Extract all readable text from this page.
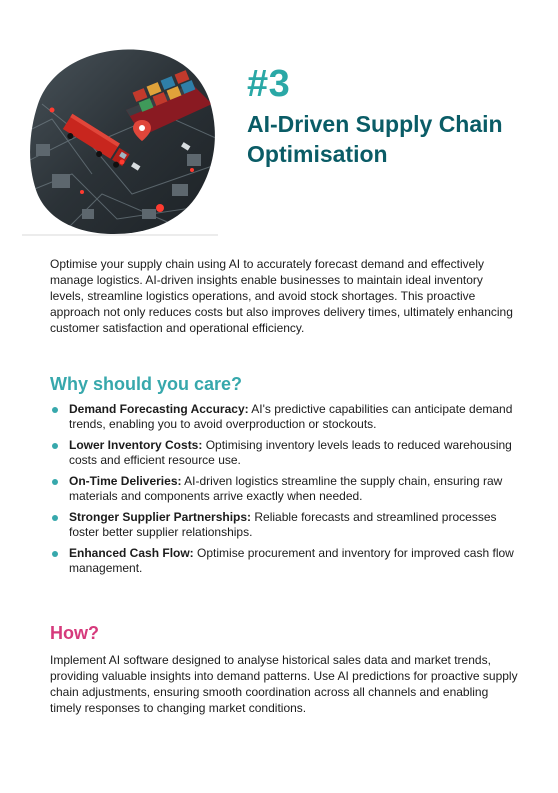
#3
AI-Driven Supply Chain Optimisation

Optimise your supply chain using AI to accurately forecast demand and effectively manage logistics. AI-driven insights enable businesses to maintain ideal inventory levels, streamline logistics operations, and avoid stock shortages. This proactive approach not only reduces costs but also improves delivery times, ultimately enhancing customer satisfaction and operational efficiency.

Why should you care?
Demand Forecasting Accuracy: AI's predictive capabilities can anticipate demand trends, enabling you to avoid overproduction or stockouts.
Lower Inventory Costs: Optimising inventory levels leads to reduced warehousing costs and efficient resource use.
On-Time Deliveries: AI-driven logistics streamline the supply chain, ensuring raw materials and components arrive exactly when needed.
Stronger Supplier Partnerships: Reliable forecasts and streamlined processes foster better supplier relationships.
Enhanced Cash Flow: Optimise procurement and inventory for improved cash flow management.
How?

Implement AI software designed to analyse historical sales data and market trends, providing valuable insights into demand patterns. Use AI predictions for proactive supply chain adjustments, ensuring smooth coordination across all channels and enabling timely responses to changing market conditions.
